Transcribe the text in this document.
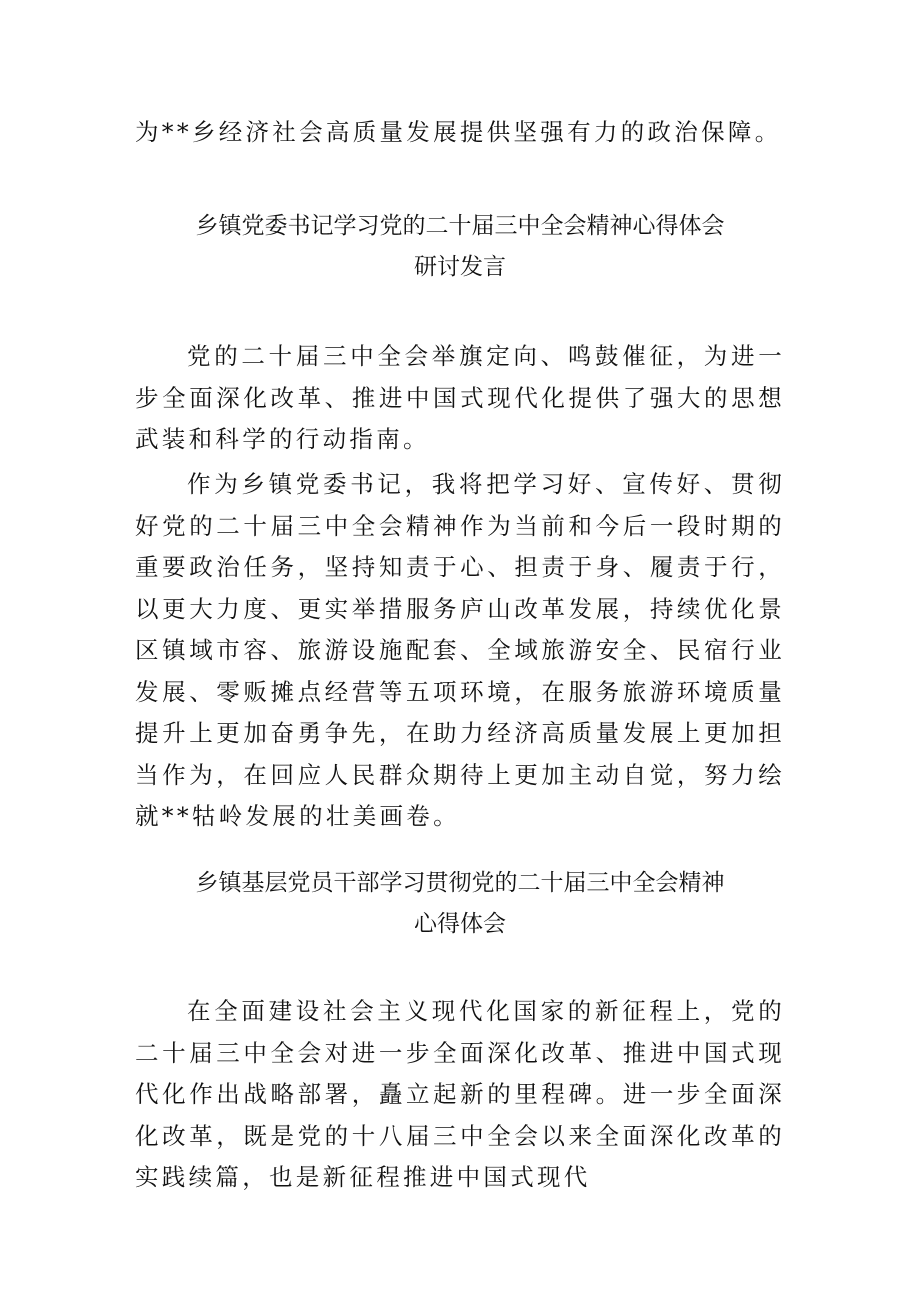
为**乡经济社会高质量发展提供坚强有力的政治保障。

乡镇党委书记学习党的二十届三中全会精神心得体会
研讨发言

党的二十届三中全会举旗定向、鸣鼓催征，为进一步全面深化改革、推进中国式现代化提供了强大的思想武装和科学的行动指南。

作为乡镇党委书记，我将把学习好、宣传好、贯彻好党的二十届三中全会精神作为当前和今后一段时期的重要政治任务，坚持知责于心、担责于身、履责于行，以更大力度、更实举措服务庐山改革发展，持续优化景区镇域市容、旅游设施配套、全域旅游安全、民宿行业发展、零贩摊点经营等五项环境，在服务旅游环境质量提升上更加奋勇争先，在助力经济高质量发展上更加担当作为，在回应人民群众期待上更加主动自觉，努力绘就**牯岭发展的壮美画卷。

乡镇基层党员干部学习贯彻党的二十届三中全会精神
心得体会

在全面建设社会主义现代化国家的新征程上，党的二十届三中全会对进一步全面深化改革、推进中国式现代化作出战略部署，矗立起新的里程碑。进一步全面深化改革，既是党的十八届三中全会以来全面深化改革的实践续篇，也是新征程推进中国式现代
